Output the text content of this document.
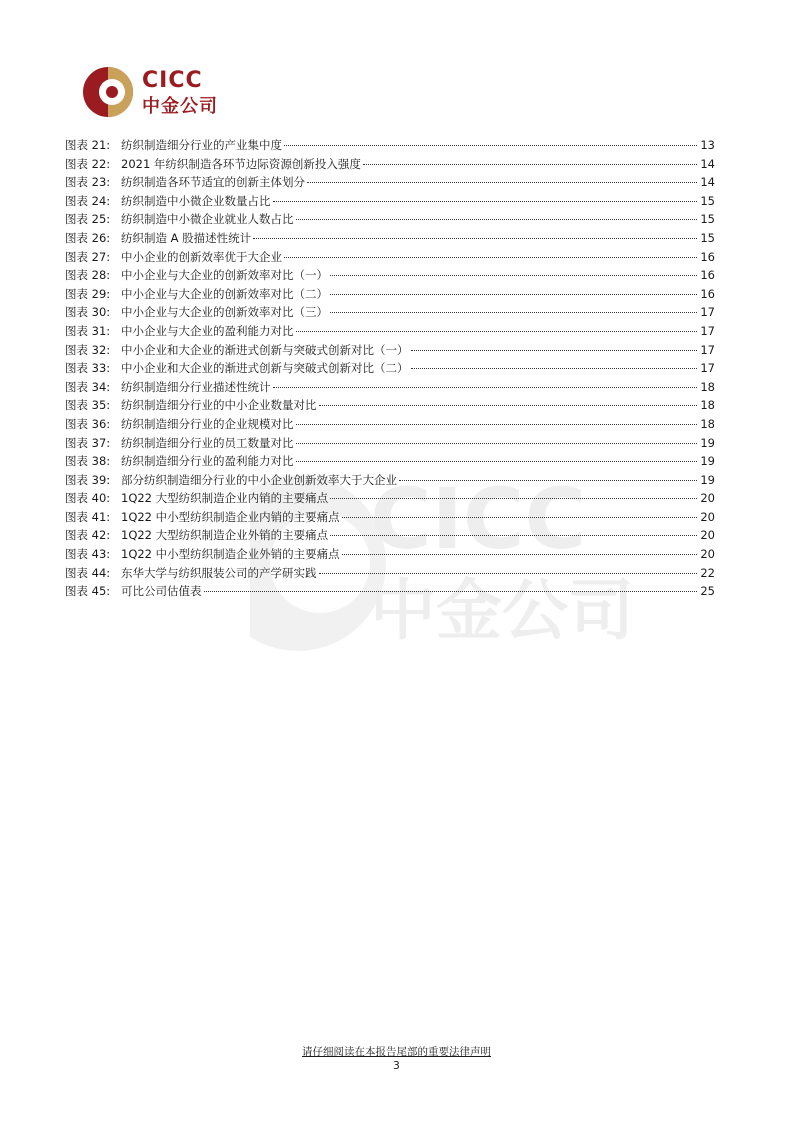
CICC
中金公司
CICC
中金公司
图表 21: 纺织制造细分行业的产业集中度	13
图表 22: 2021 年纺织制造各环节边际资源创新投入强度	14
图表 23: 纺织制造各环节适宜的创新主体划分	14
图表 24: 纺织制造中小微企业数量占比	15
图表 25: 纺织制造中小微企业就业人数占比	15
图表 26: 纺织制造 A 股描述性统计	15
图表 27: 中小企业的创新效率优于大企业	16
图表 28: 中小企业与大企业的创新效率对比（一）	16
图表 29: 中小企业与大企业的创新效率对比（二）	16
图表 30: 中小企业与大企业的创新效率对比（三）	17
图表 31: 中小企业与大企业的盈利能力对比	17
图表 32: 中小企业和大企业的渐进式创新与突破式创新对比（一）	17
图表 33: 中小企业和大企业的渐进式创新与突破式创新对比（二）	17
图表 34: 纺织制造细分行业描述性统计	18
图表 35: 纺织制造细分行业的中小企业数量对比	18
图表 36: 纺织制造细分行业的企业规模对比	18
图表 37: 纺织制造细分行业的员工数量对比	19
图表 38: 纺织制造细分行业的盈利能力对比	19
图表 39: 部分纺织制造细分行业的中小企业创新效率大于大企业	19
图表 40: 1Q22 大型纺织制造企业内销的主要痛点	20
图表 41: 1Q22 中小型纺织制造企业内销的主要痛点	20
图表 42: 1Q22 大型纺织制造企业外销的主要痛点	20
图表 43: 1Q22 中小型纺织制造企业外销的主要痛点	20
图表 44: 东华大学与纺织服装公司的产学研实践	22
图表 45: 可比公司估值表	25
请仔细阅读在本报告尾部的重要法律声明
3
